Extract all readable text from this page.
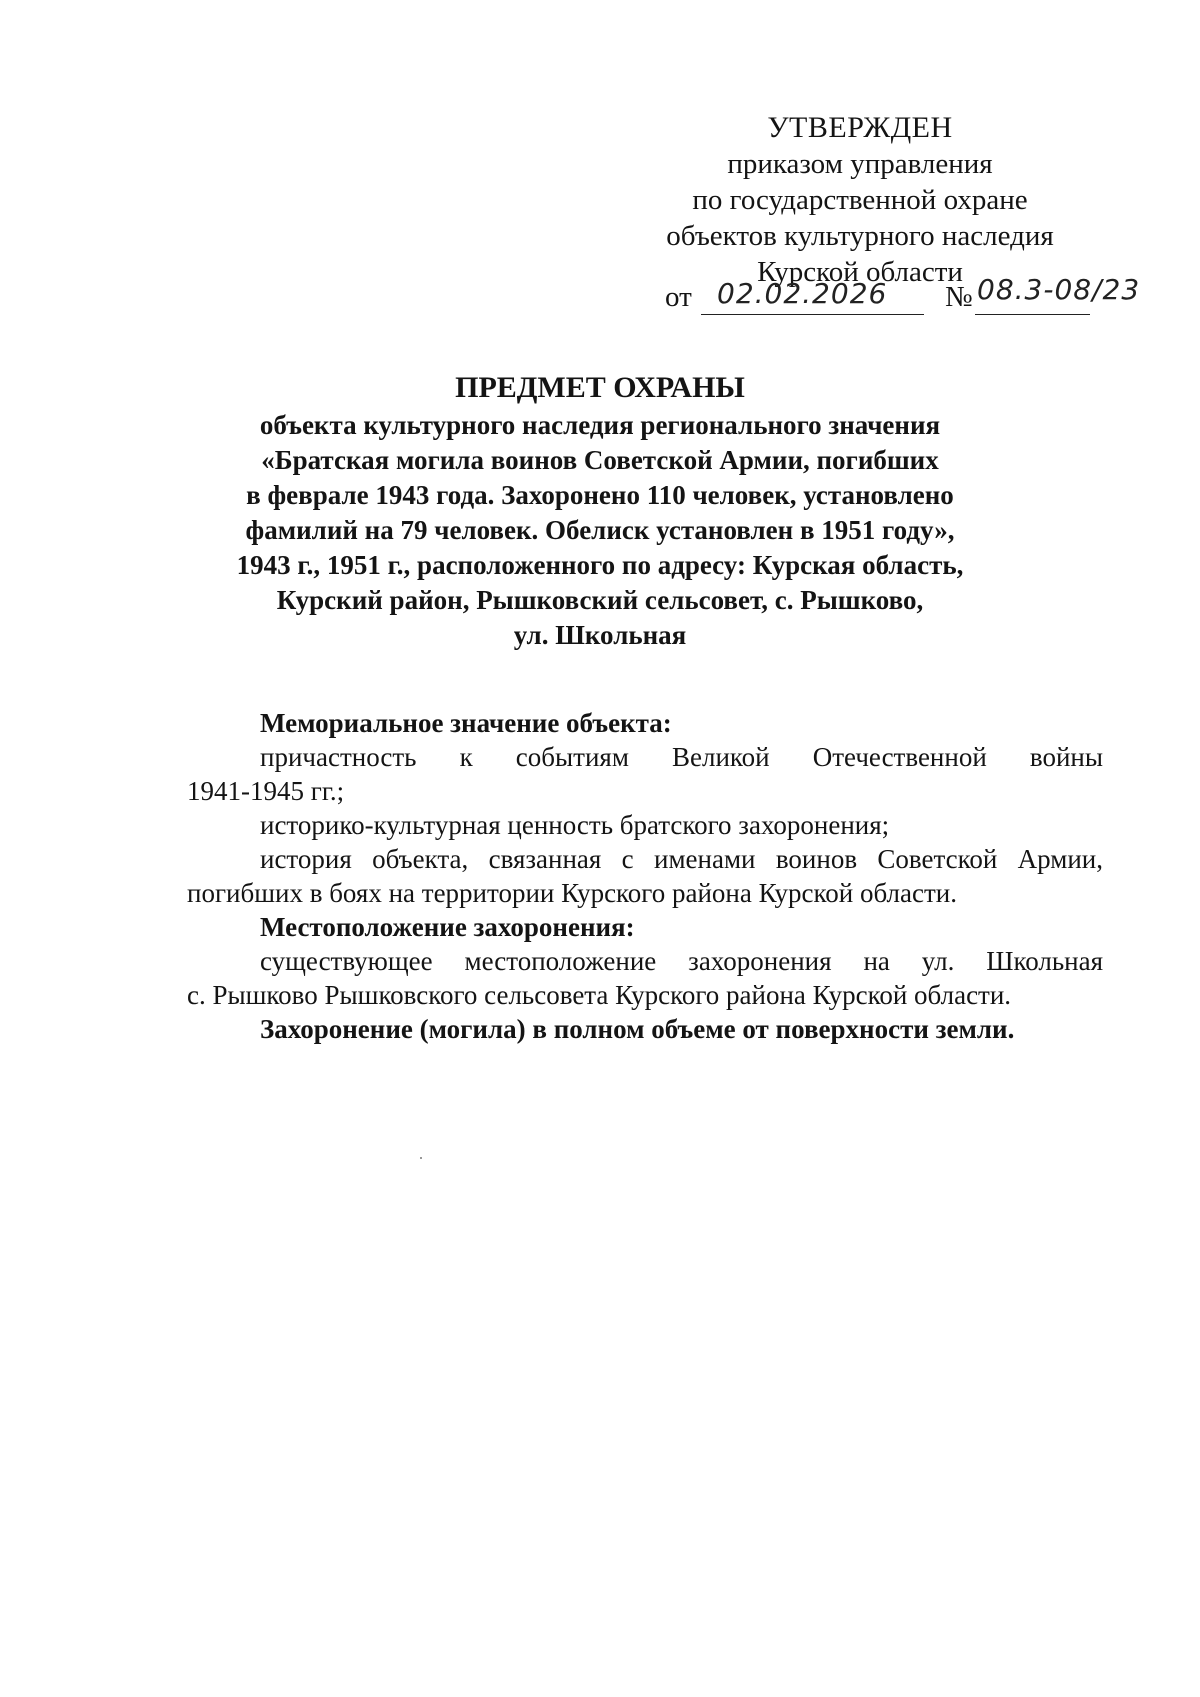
УТВЕРЖДЕН
приказом управления
по государственной охране
объектов культурного наследия
Курской области
от 02.02.2026 № 08.3-08/23
ПРЕДМЕТ ОХРАНЫ
объекта культурного наследия регионального значения
«Братская могила воинов Советской Армии, погибших
в феврале 1943 года. Захоронено 110 человек, установлено
фамилий на 79 человек. Обелиск установлен в 1951 году»,
1943 г., 1951 г., расположенного по адресу: Курская область,
Курский район, Рышковский сельсовет, с. Рышково,
ул. Школьная
Мемориальное значение объекта:
причастность к событиям Великой Отечественной войны
1941-1945 гг.;
историко-культурная ценность братского захоронения;
история объекта, связанная с именами воинов Советской Армии,
погибших в боях на территории Курского района Курской области.
Местоположение захоронения:
существующее местоположение захоронения на ул. Школьная
с. Рышково Рышковского сельсовета Курского района Курской области.
Захоронение (могила) в полном объеме от поверхности земли.
